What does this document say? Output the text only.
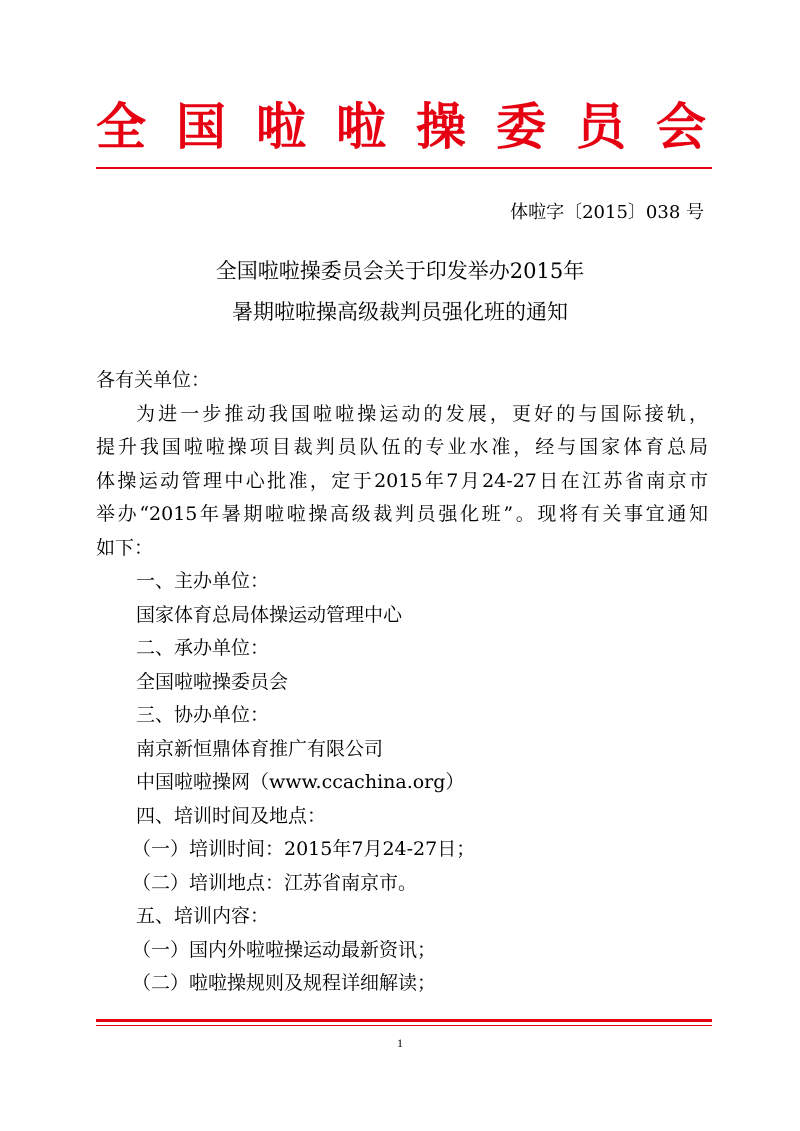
全 国 啦 啦 操 委 员 会
体啦字〔2015〕038 号
全国啦啦操委员会关于印发举办2015年
暑期啦啦操高级裁判员强化班的通知
各有关单位：
为进一步推动我国啦啦操运动的发展，更好的与国际接轨，
提升我国啦啦操项目裁判员队伍的专业水准，经与国家体育总局
体操运动管理中心批准，定于2015年7月24-27日在江苏省南京市
举办“2015年暑期啦啦操高级裁判员强化班”。现将有关事宜通知
如下：
一、主办单位：
国家体育总局体操运动管理中心
二、承办单位：
全国啦啦操委员会
三、协办单位：
南京新恒鼎体育推广有限公司
中国啦啦操网（www.ccachina.org）
四、培训时间及地点：
（一）培训时间：2015年7月24-27日；
（二）培训地点：江苏省南京市。
五、培训内容：
（一）国内外啦啦操运动最新资讯；
（二）啦啦操规则及规程详细解读；
1
